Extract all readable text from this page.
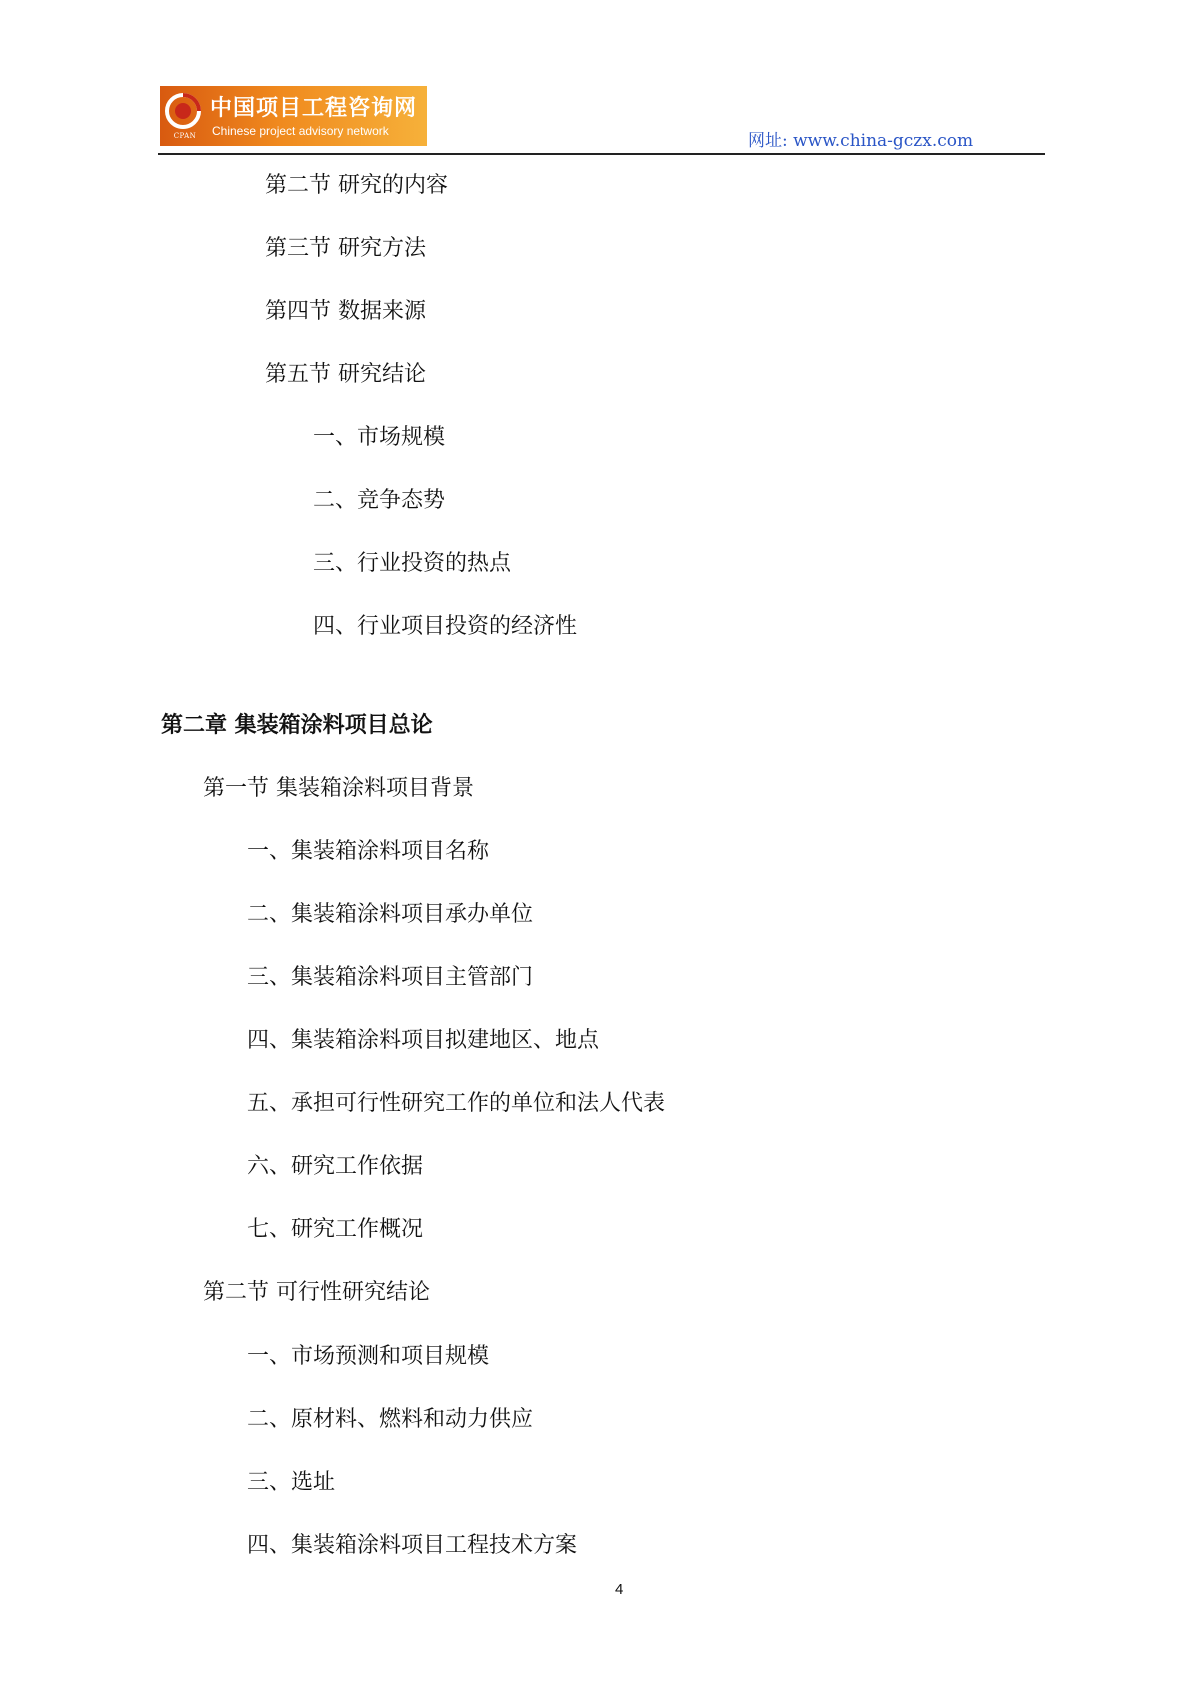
CPAN
中国项目工程咨询网
Chinese project advisory network	网址: www.china-gczx.com
第二节 研究的内容
第三节 研究方法
第四节 数据来源
第五节 研究结论
一、市场规模
二、竞争态势
三、行业投资的热点
四、行业项目投资的经济性
第二章 集装箱涂料项目总论
第一节 集装箱涂料项目背景
一、集装箱涂料项目名称
二、集装箱涂料项目承办单位
三、集装箱涂料项目主管部门
四、集装箱涂料项目拟建地区、地点
五、承担可行性研究工作的单位和法人代表
六、研究工作依据
七、研究工作概况
第二节 可行性研究结论
一、市场预测和项目规模
二、原材料、燃料和动力供应
三、选址
四、集装箱涂料项目工程技术方案
4
